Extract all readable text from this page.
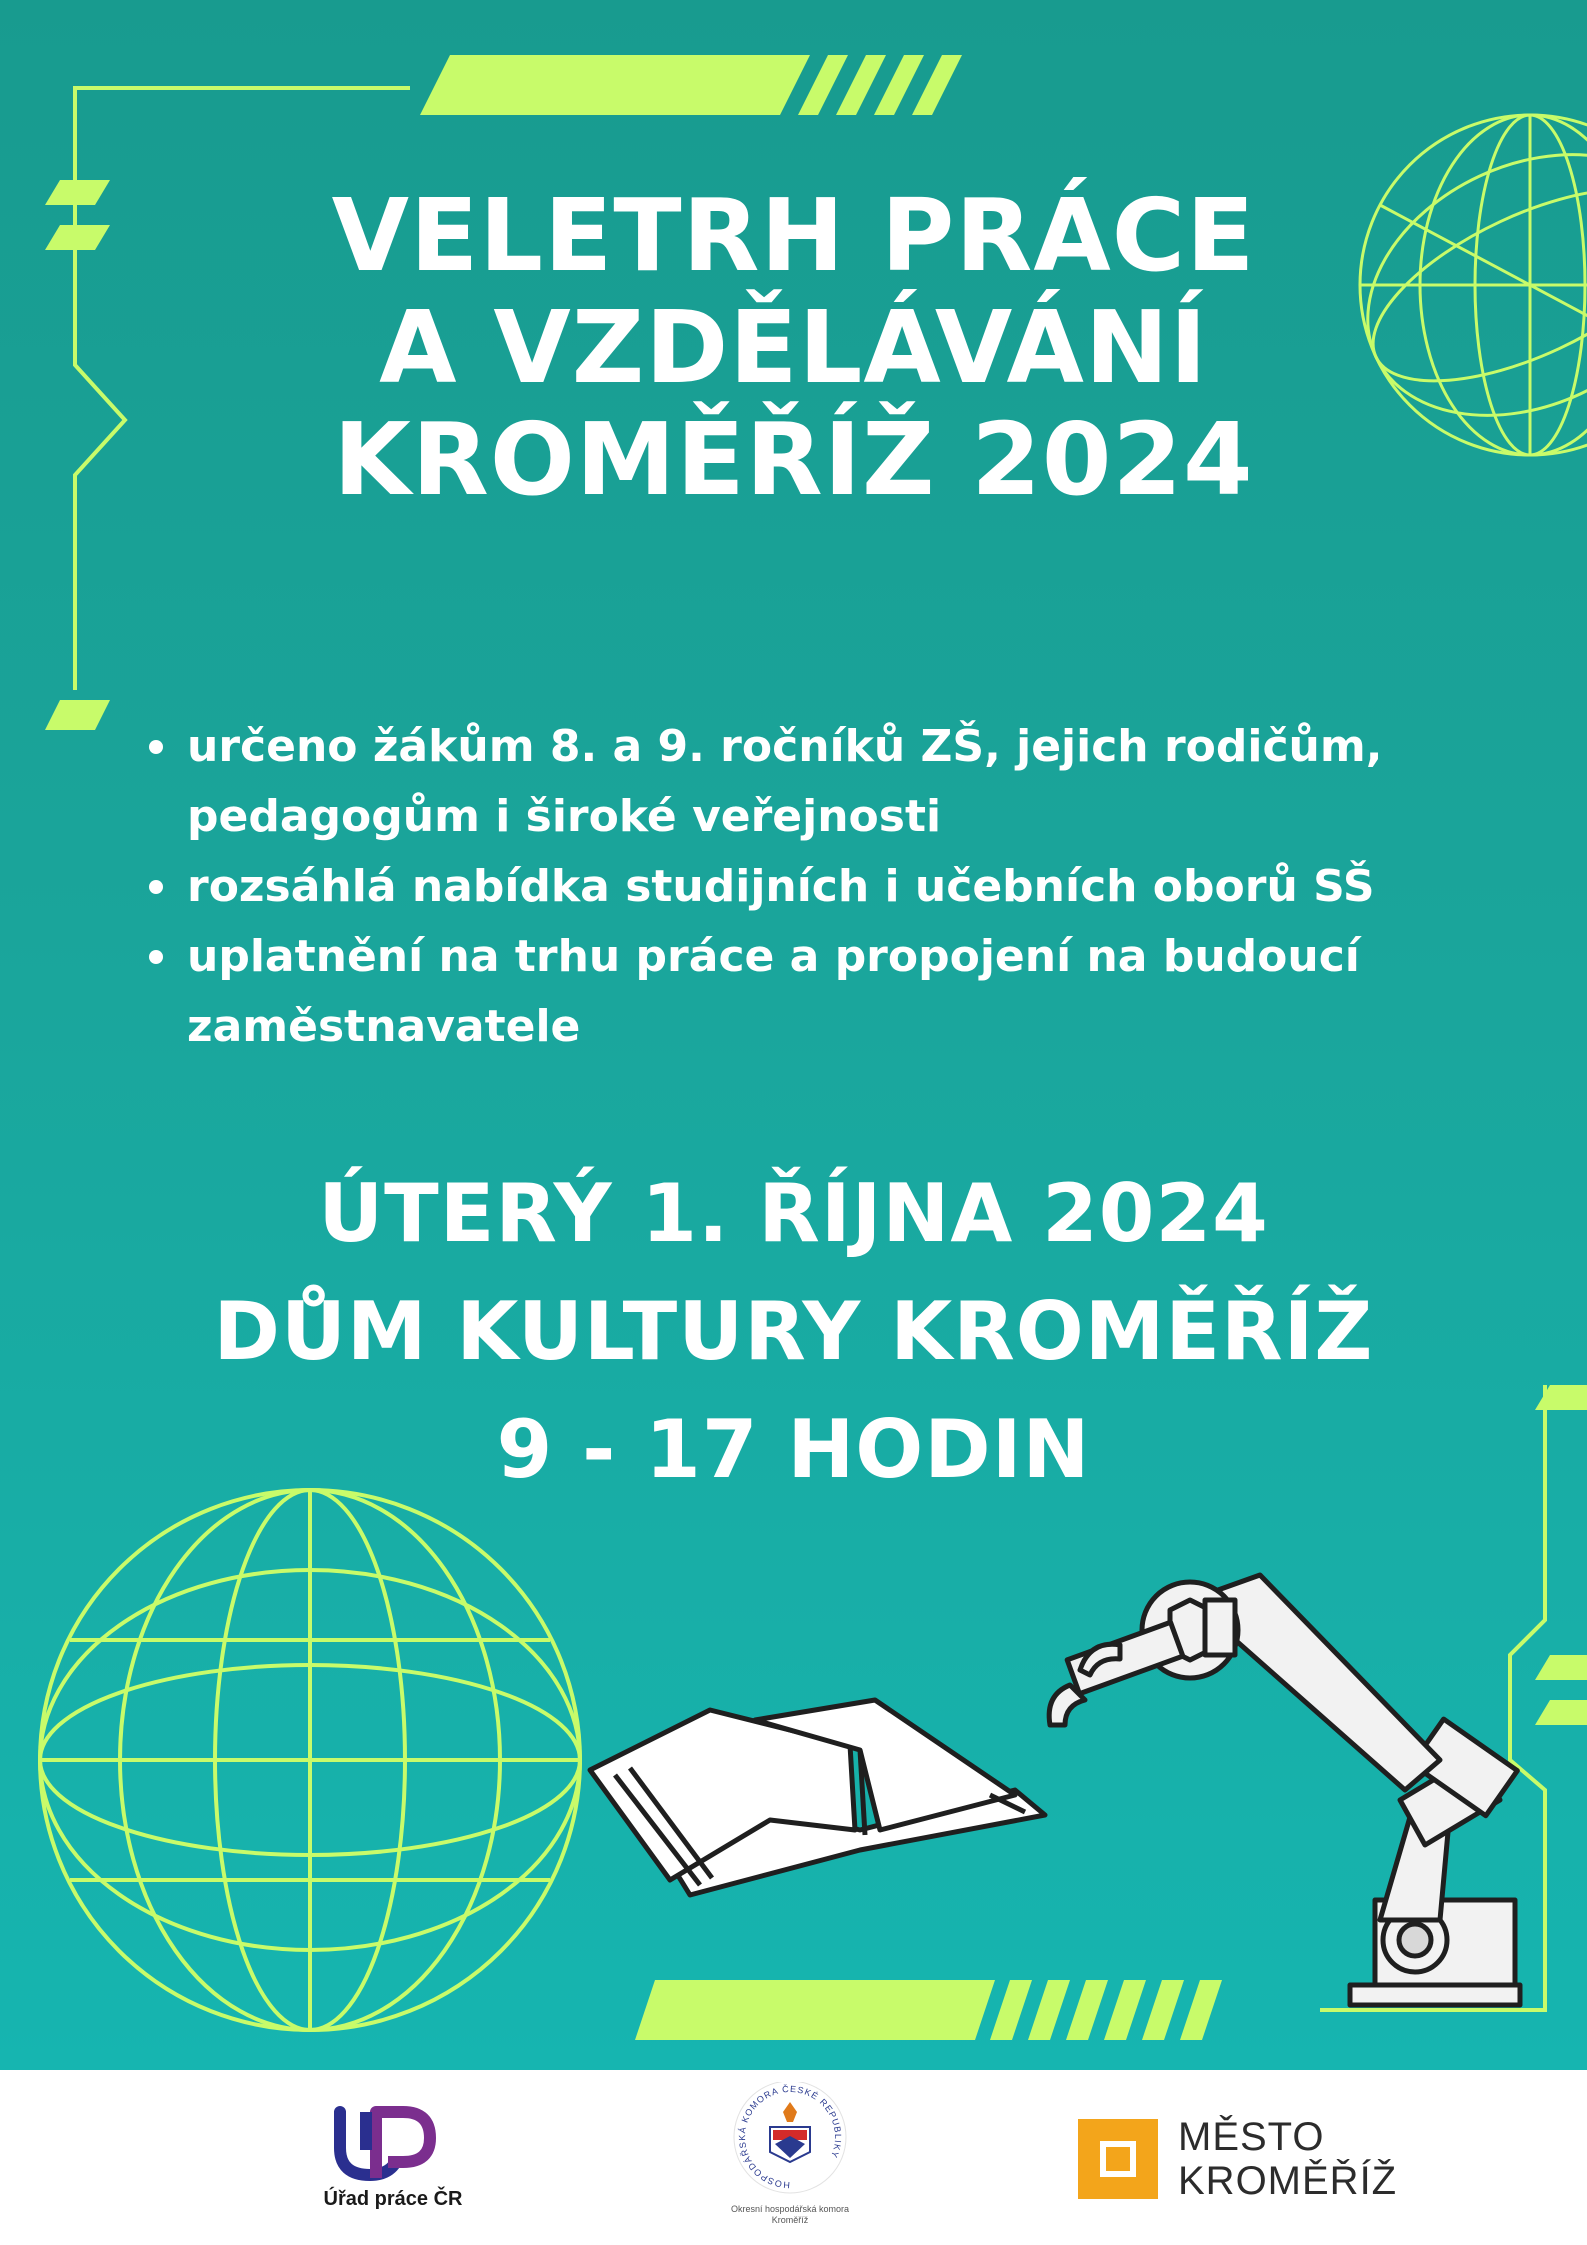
VELETRH PRÁCE
A VZDĚLÁVÁNÍ
KROMĚŘÍŽ 2024
určeno žákům 8. a 9. ročníků ZŠ, jejich rodičům,
pedagogům i široké veřejnosti
rozsáhlá nabídka studijních i učebních oborů SŠ
uplatnění na trhu práce a propojení na budoucí
zaměstnavatele
ÚTERÝ 1. ŘÍJNA 2024
DŮM KULTURY KROMĚŘÍŽ
9 - 17 HODIN
Úřad práce ČR
HOSPODÁŘSKÁ KOMORA ČESKÉ REPUBLIKY
Okresní hospodářská komora
Kroměříž
MĚSTO
KROMĚŘÍŽ
